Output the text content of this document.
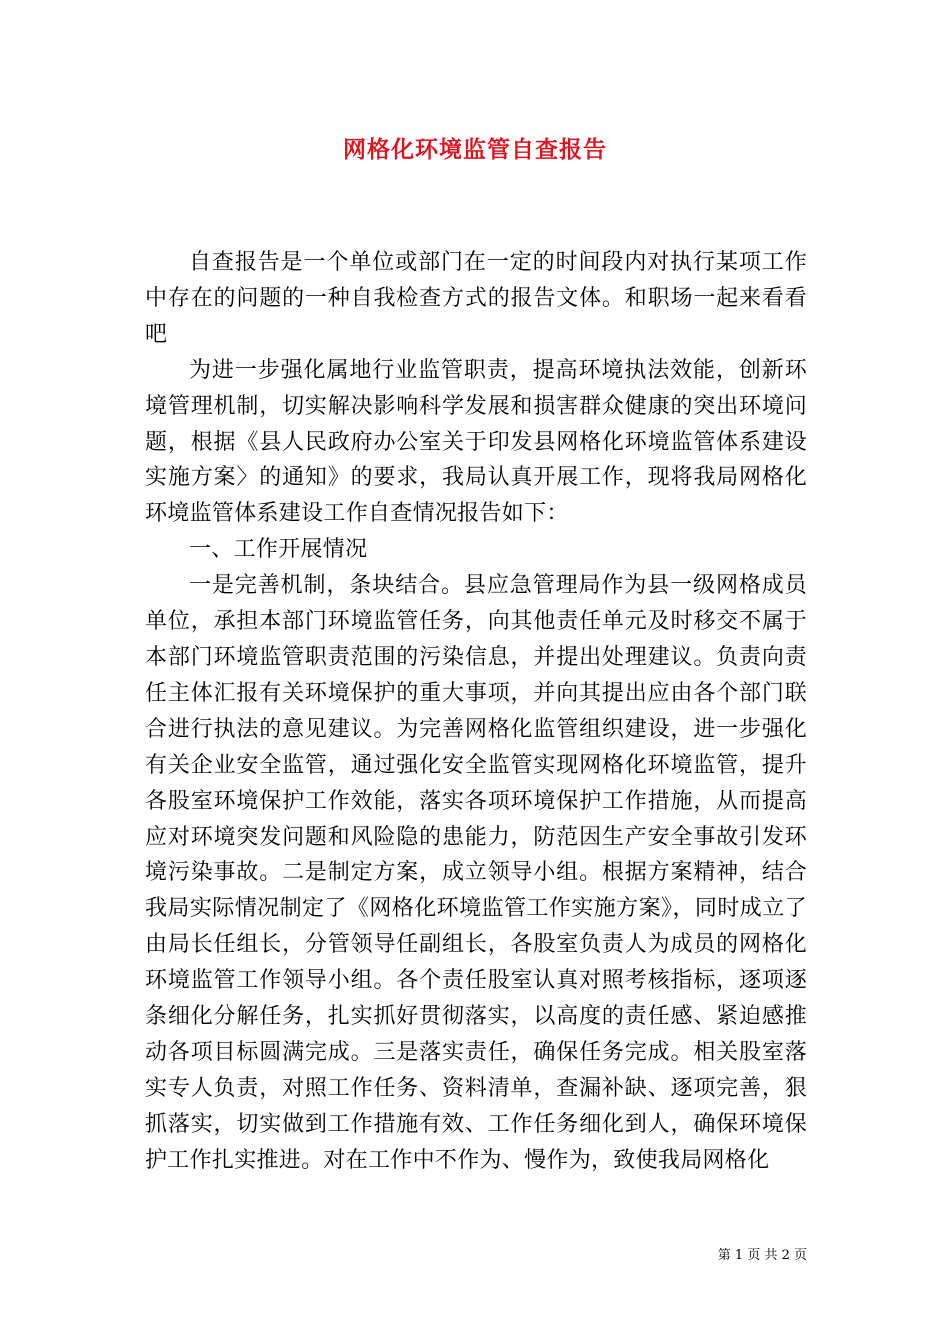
网格化环境监管自查报告

自查报告是一个单位或部门在一定的时间段内对执行某项工作中存在的问题的一种自我检查方式的报告文体。和职场一起来看看吧

为进一步强化属地行业监管职责，提高环境执法效能，创新环境管理机制，切实解决影响科学发展和损害群众健康的突出环境问题，根据《县人民政府办公室关于印发县网格化环境监管体系建设实施方案〉的通知》的要求，我局认真开展工作，现将我局网格化环境监管体系建设工作自查情况报告如下：

一、工作开展情况

一是完善机制，条块结合。县应急管理局作为县一级网格成员单位，承担本部门环境监管任务，向其他责任单元及时移交不属于本部门环境监管职责范围的污染信息，并提出处理建议。负责向责任主体汇报有关环境保护的重大事项，并向其提出应由各个部门联合进行执法的意见建议。为完善网格化监管组织建设，进一步强化有关企业安全监管，通过强化安全监管实现网格化环境监管，提升各股室环境保护工作效能，落实各项环境保护工作措施，从而提高应对环境突发问题和风险隐的患能力，防范因生产安全事故引发环境污染事故。二是制定方案，成立领导小组。根据方案精神，结合我局实际情况制定了《网格化环境监管工作实施方案》，同时成立了由局长任组长，分管领导任副组长，各股室负责人为成员的网格化环境监管工作领导小组。各个责任股室认真对照考核指标，逐项逐条细化分解任务，扎实抓好贯彻落实，以高度的责任感、紧迫感推动各项目标圆满完成。三是落实责任，确保任务完成。相关股室落实专人负责，对照工作任务、资料清单，查漏补缺、逐项完善，狠抓落实，切实做到工作措施有效、工作任务细化到人，确保环境保护工作扎实推进。对在工作中不作为、慢作为，致使我局网格化

第 1 页 共 2 页
